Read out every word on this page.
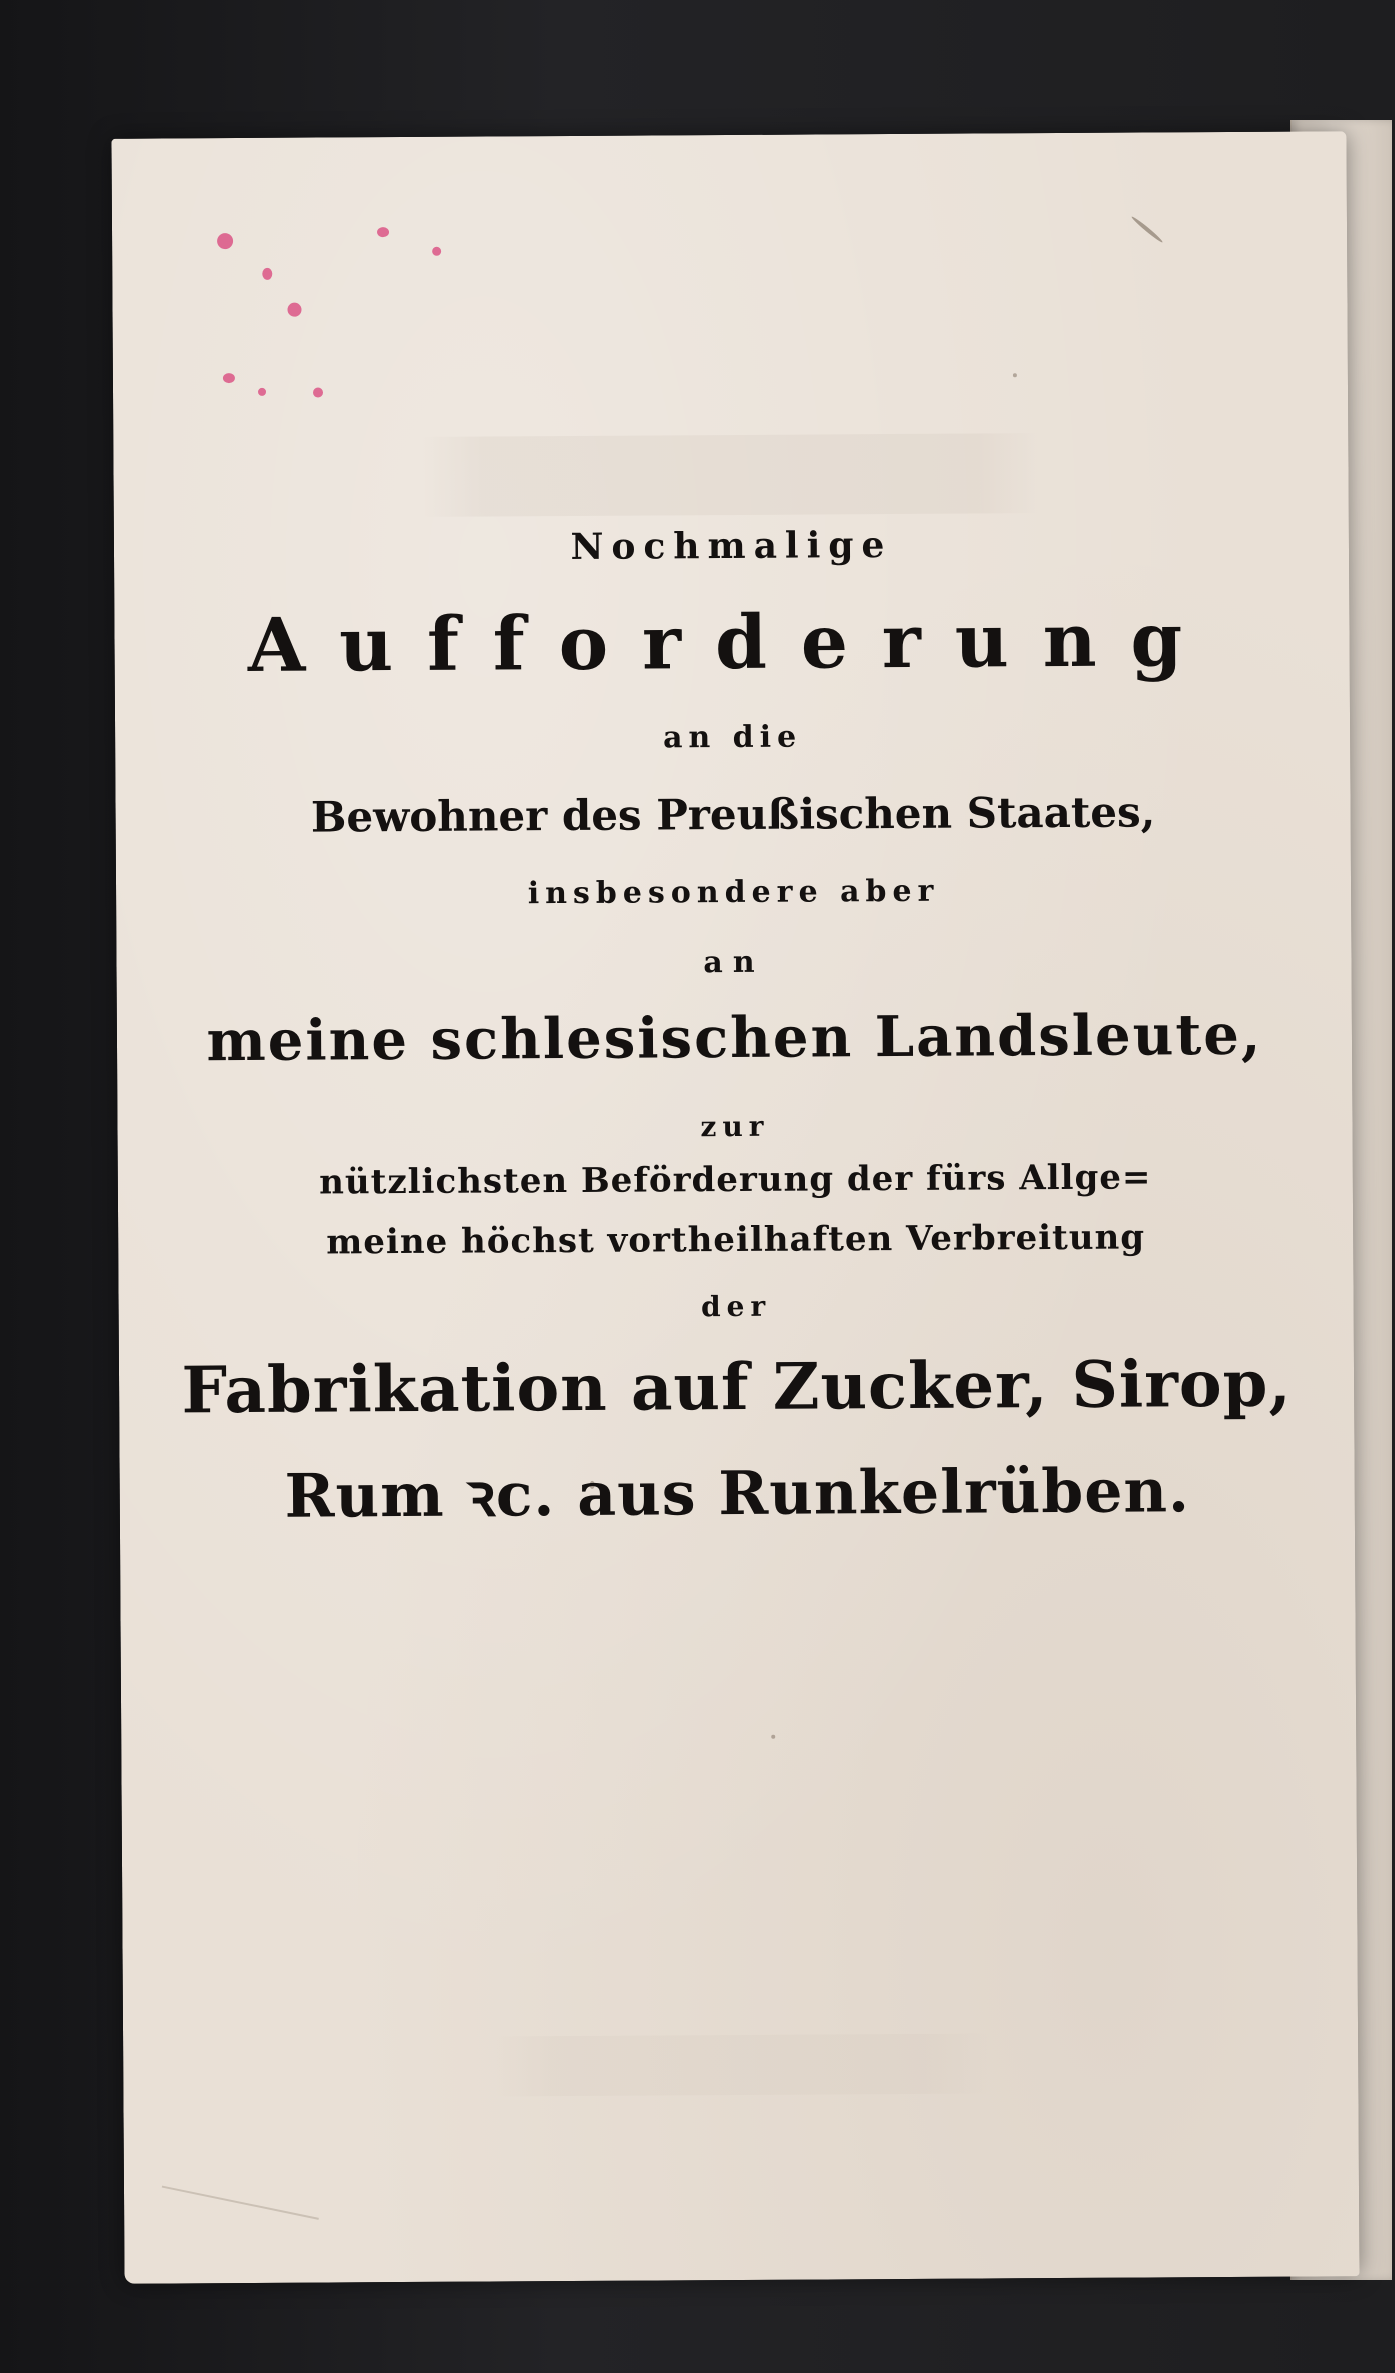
Nochmalige
Aufforderung
an die
Bewohner des Preußischen Staates,
insbesondere aber
an
meine schlesischen Landsleute,
zur
nützlichsten Beförderung der fürs Allge=
meine höchst vortheilhaften Verbreitung
der
Fabrikation auf Zucker, Sirop,
Rum ꝛc. aus Runkelrüben.
